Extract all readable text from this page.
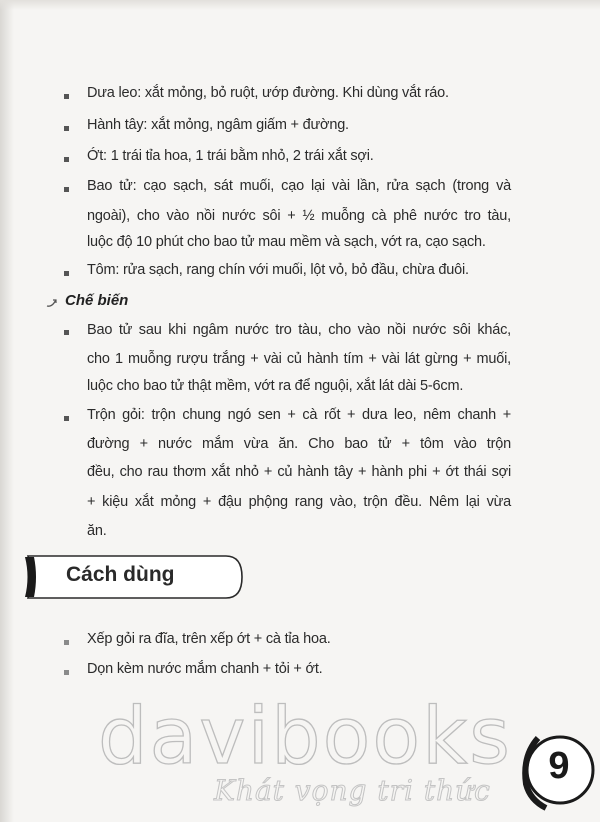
Dưa leo: xắt mỏng, bỏ ruột, ướp đường. Khi dùng vắt ráo.
Hành tây: xắt mỏng, ngâm giấm + đường.
Ớt: 1 trái tỉa hoa, 1 trái bằm nhỏ, 2 trái xắt sợi.
Bao tử: cạo sạch, sát muối, cạo lại vài lần, rửa sạch (trong và
ngoài), cho vào nồi nước sôi + ½ muỗng cà phê nước tro tàu,
luộc độ 10 phút cho bao tử mau mềm và sạch, vớt ra, cạo sạch.
Tôm: rửa sạch, rang chín với muối, lột vỏ, bỏ đầu, chừa đuôi.
Chế biến
Bao tử sau khi ngâm nước tro tàu, cho vào nồi nước sôi khác,
cho 1 muỗng rượu trắng + vài củ hành tím + vài lát gừng + muối,
luộc cho bao tử thật mềm, vớt ra để nguội, xắt lát dài 5-6cm.
Trộn gỏi: trộn chung ngó sen + cà rốt + dưa leo, nêm chanh +
đường + nước mắm vừa ăn. Cho bao tử + tôm vào trộn
đều, cho rau thơm xắt nhỏ + củ hành tây + hành phi + ớt thái sợi
+ kiệu xắt mỏng + đậu phộng rang vào, trộn đều. Nêm lại vừa
ăn.
Cách dùng
Xếp gỏi ra đĩa, trên xếp ớt + cà tỉa hoa.
Dọn kèm nước mắm chanh + tỏi + ớt.
davibooks
Khát vọng tri thức
9
